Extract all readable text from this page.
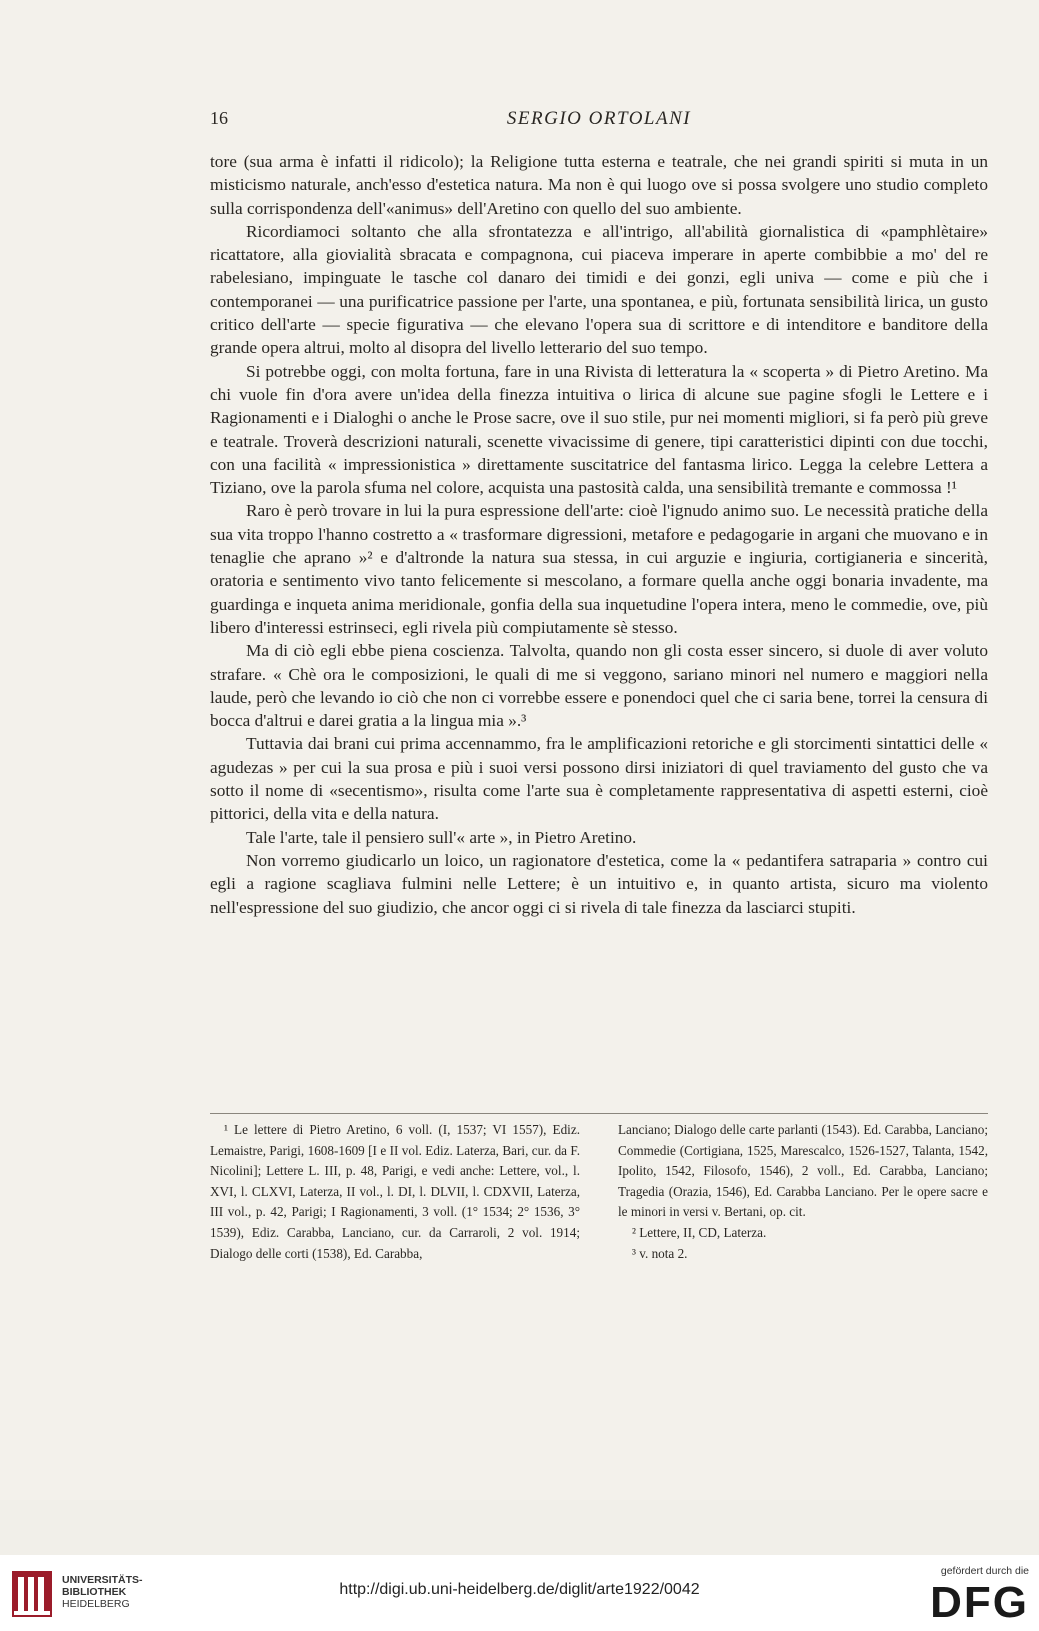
16	SERGIO ORTOLANI

tore (sua arma è infatti il ridicolo); la Religione tutta esterna e teatrale, che nei grandi spiriti si muta in un misticismo naturale, anch'esso d'estetica natura. Ma non è qui luogo ove si possa svolgere uno studio completo sulla corrispondenza dell'«animus» dell'Aretino con quello del suo ambiente.

Ricordiamoci soltanto che alla sfrontatezza e all'intrigo, all'abilità giornalistica di «pamphlètaire» ricattatore, alla giovialità sbracata e compagnona, cui piaceva imperare in aperte combibbie a mo' del re rabelesiano, impinguate le tasche col danaro dei timidi e dei gonzi, egli univa — come e più che i contemporanei — una purificatrice passione per l'arte, una spontanea, e più, fortunata sensibilità lirica, un gusto critico dell'arte — specie figurativa — che elevano l'opera sua di scrittore e di intenditore e banditore della grande opera altrui, molto al disopra del livello letterario del suo tempo.

Si potrebbe oggi, con molta fortuna, fare in una Rivista di letteratura la « scoperta » di Pietro Aretino. Ma chi vuole fin d'ora avere un'idea della finezza intuitiva o lirica di alcune sue pagine sfogli le Lettere e i Ragionamenti e i Dialoghi o anche le Prose sacre, ove il suo stile, pur nei momenti migliori, si fa però più greve e teatrale. Troverà descrizioni naturali, scenette vivacissime di genere, tipi caratteristici dipinti con due tocchi, con una facilità « impressionistica » direttamente suscitatrice del fantasma lirico. Legga la celebre Lettera a Tiziano, ove la parola sfuma nel colore, acquista una pastosità calda, una sensibilità tremante e commossa !¹

Raro è però trovare in lui la pura espressione dell'arte: cioè l'ignudo animo suo. Le necessità pratiche della sua vita troppo l'hanno costretto a « trasformare digressioni, metafore e pedagogarie in argani che muovano e in tenaglie che aprano »² e d'altronde la natura sua stessa, in cui arguzie e ingiuria, cortigianeria e sincerità, oratoria e sentimento vivo tanto felicemente si mescolano, a formare quella anche oggi bonaria invadente, ma guardinga e inqueta anima meridionale, gonfia della sua inquetudine l'opera intera, meno le commedie, ove, più libero d'interessi estrinseci, egli rivela più compiutamente sè stesso.

Ma di ciò egli ebbe piena coscienza. Talvolta, quando non gli costa esser sincero, si duole di aver voluto strafare. « Chè ora le composizioni, le quali di me si veggono, sariano minori nel numero e maggiori nella laude, però che levando io ciò che non ci vorrebbe essere e ponendoci quel che ci saria bene, torrei la censura di bocca d'altrui e darei gratia a la lingua mia ».³

Tuttavia dai brani cui prima accennammo, fra le amplificazioni retoriche e gli storcimenti sintattici delle « agudezas » per cui la sua prosa e più i suoi versi possono dirsi iniziatori di quel traviamento del gusto che va sotto il nome di «secentismo», risulta come l'arte sua è completamente rappresentativa di aspetti esterni, cioè pittorici, della vita e della natura.

Tale l'arte, tale il pensiero sull'« arte », in Pietro Aretino.

Non vorremo giudicarlo un loico, un ragionatore d'estetica, come la « pedantifera satraparia » contro cui egli a ragione scagliava fulmini nelle Lettere; è un intuitivo e, in quanto artista, sicuro ma violento nell'espressione del suo giudizio, che ancor oggi ci si rivela di tale finezza da lasciarci stupiti.

¹ Le lettere di Pietro Aretino, 6 voll. (I, 1537; VI 1557), Ediz. Lemaistre, Parigi, 1608-1609 [I e II vol. Ediz. Laterza, Bari, cur. da F. Nicolini]; Lettere L. III, p. 48, Parigi, e vedi anche: Lettere, vol., l. XVI, l. CLXVI, Laterza, II vol., l. DI, l. DLVII, l. CDXVII, Laterza, III vol., p. 42, Parigi; I Ragionamenti, 3 voll. (1° 1534; 2° 1536, 3° 1539), Ediz. Carabba, Lanciano, cur. da Carraroli, 2 vol. 1914; Dialogo delle corti (1538), Ed. Carabba,

Lanciano; Dialogo delle carte parlanti (1543). Ed. Carabba, Lanciano; Commedie (Cortigiana, 1525, Marescalco, 1526-1527, Talanta, 1542, Ipolito, 1542, Filosofo, 1546), 2 voll., Ed. Carabba, Lanciano; Tragedia (Orazia, 1546), Ed. Carabba Lanciano. Per le opere sacre e le minori in versi v. Bertani, op. cit.

² Lettere, II, CD, Laterza.

³ v. nota 2.

UNIVERSITÄTS-
BIBLIOTHEK
HEIDELBERG
http://digi.ub.uni-heidelberg.de/diglit/arte1922/0042
gefördert durch die
DFG
